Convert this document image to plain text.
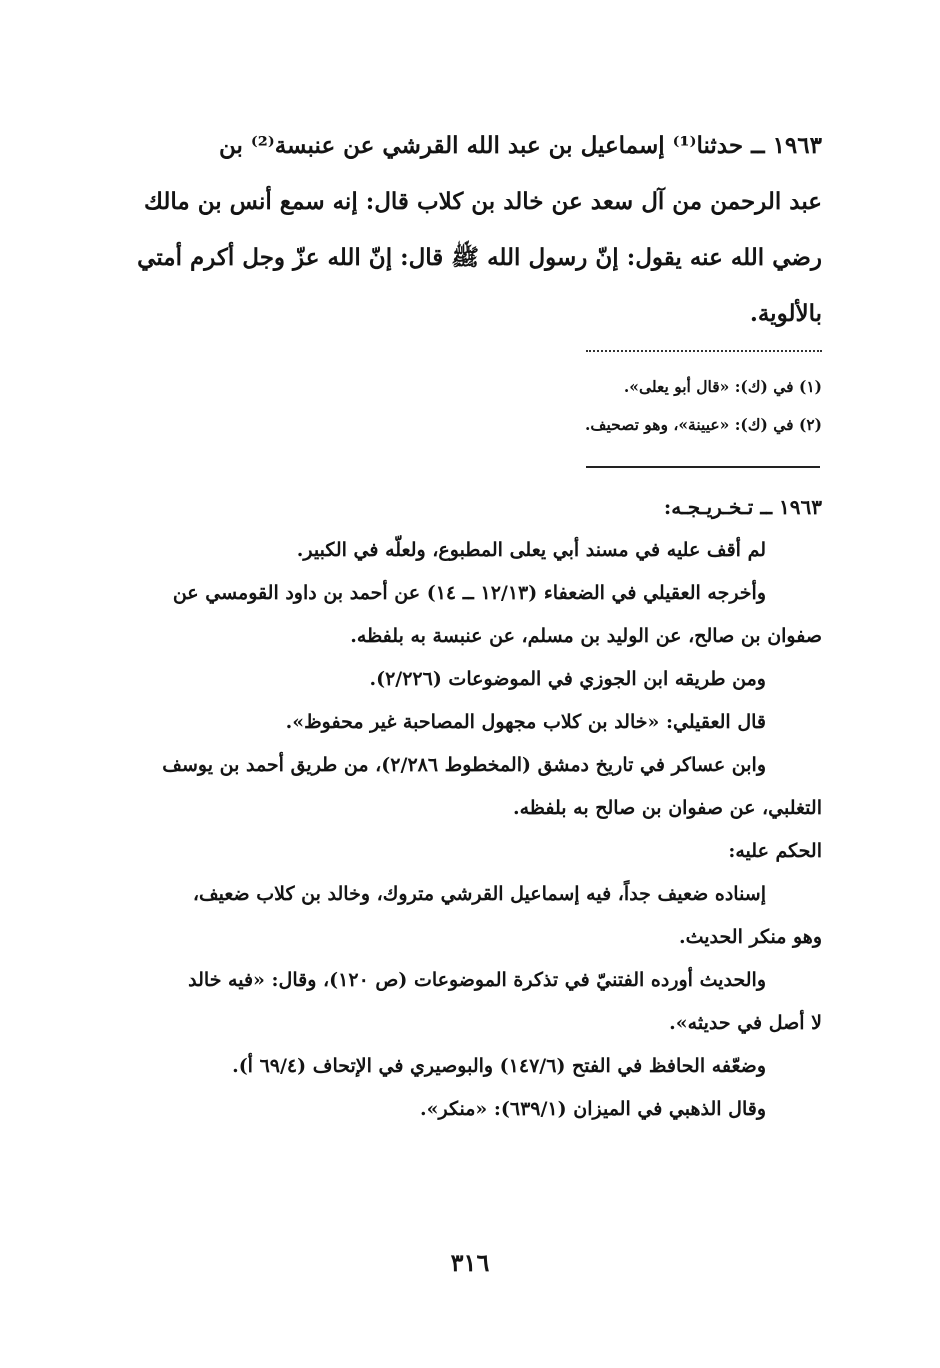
١٩٦٣ ــ حدثنا⁽¹⁾ إسماعيل بن عبد الله القرشي عن عنبسة⁽²⁾ بن

عبد الرحمن من آل سعد عن خالد بن كلاب قال: إنه سمع أنس بن مالك

رضي الله عنه يقول: إنّ رسول الله ﷺ قال: إنّ الله عزّ وجل أكرم أمتي

بالألوية.

(١) في (ك): «قال أبو يعلى».

(٢) في (ك): «عيينة»، وهو تصحيف.

١٩٦٣ ــ تـخـريـجـه:

لم أقف عليه في مسند أبي يعلى المطبوع، ولعلّه في الكبير.

وأخرجه العقيلي في الضعفاء (١٢/١٣ ــ ١٤) عن أحمد بن داود القومسي عن

صفوان بن صالح، عن الوليد بن مسلم، عن عنبسة به بلفظه.

ومن طريقه ابن الجوزي في الموضوعات (٢/٢٢٦).

قال العقيلي: «خالد بن كلاب مجهول المصاحبة غير محفوظ».

وابن عساكر في تاريخ دمشق (المخطوط ٢/٢٨٦)، من طريق أحمد بن يوسف

التغلبي، عن صفوان بن صالح به بلفظه.

الحكم عليه:

إسناده ضعيف جداً، فيه إسماعيل القرشي متروك، وخالد بن كلاب ضعيف،

وهو منكر الحديث.

والحديث أورده الفتنيّ في تذكرة الموضوعات (ص ١٢٠)، وقال: «فيه خالد

لا أصل في حديثه».

وضعّفه الحافظ في الفتح (١٤٧/٦) والبوصيري في الإتحاف (٦٩/٤ أ).

وقال الذهبي في الميزان (٦٣٩/١): «منكر».

٣١٦
